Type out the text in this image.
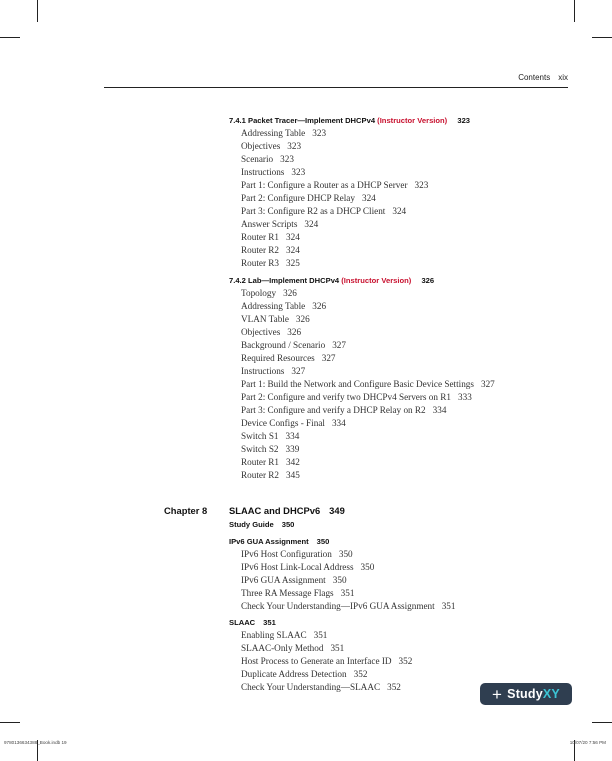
Contents xix
7.4.1 Packet Tracer—Implement DHCPv4 (Instructor Version) 323
Addressing Table 323
Objectives 323
Scenario 323
Instructions 323
Part 1: Configure a Router as a DHCP Server 323
Part 2: Configure DHCP Relay 324
Part 3: Configure R2 as a DHCP Client 324
Answer Scripts 324
Router R1 324
Router R2 324
Router R3 325
7.4.2 Lab—Implement DHCPv4 (Instructor Version) 326
Topology 326
Addressing Table 326
VLAN Table 326
Objectives 326
Background / Scenario 327
Required Resources 327
Instructions 327
Part 1: Build the Network and Configure Basic Device Settings 327
Part 2: Configure and verify two DHCPv4 Servers on R1 333
Part 3: Configure and verify a DHCP Relay on R2 334
Device Configs - Final 334
Switch S1 334
Switch S2 339
Router R1 342
Router R2 345
Chapter 8 SLAAC and DHCPv6 349
Study Guide 350
IPv6 GUA Assignment 350
IPv6 Host Configuration 350
IPv6 Host Link-Local Address 350
IPv6 GUA Assignment 350
Three RA Message Flags 351
Check Your Understanding—IPv6 GUA Assignment 351
SLAAC 351
Enabling SLAAC 351
SLAAC-Only Method 351
Host Process to Generate an Interface ID 352
Duplicate Address Detection 352
Check Your Understanding—SLAAC 352	+ Study XY
9780136634388_Book.indb 19	10/07/20 7:56 PM
